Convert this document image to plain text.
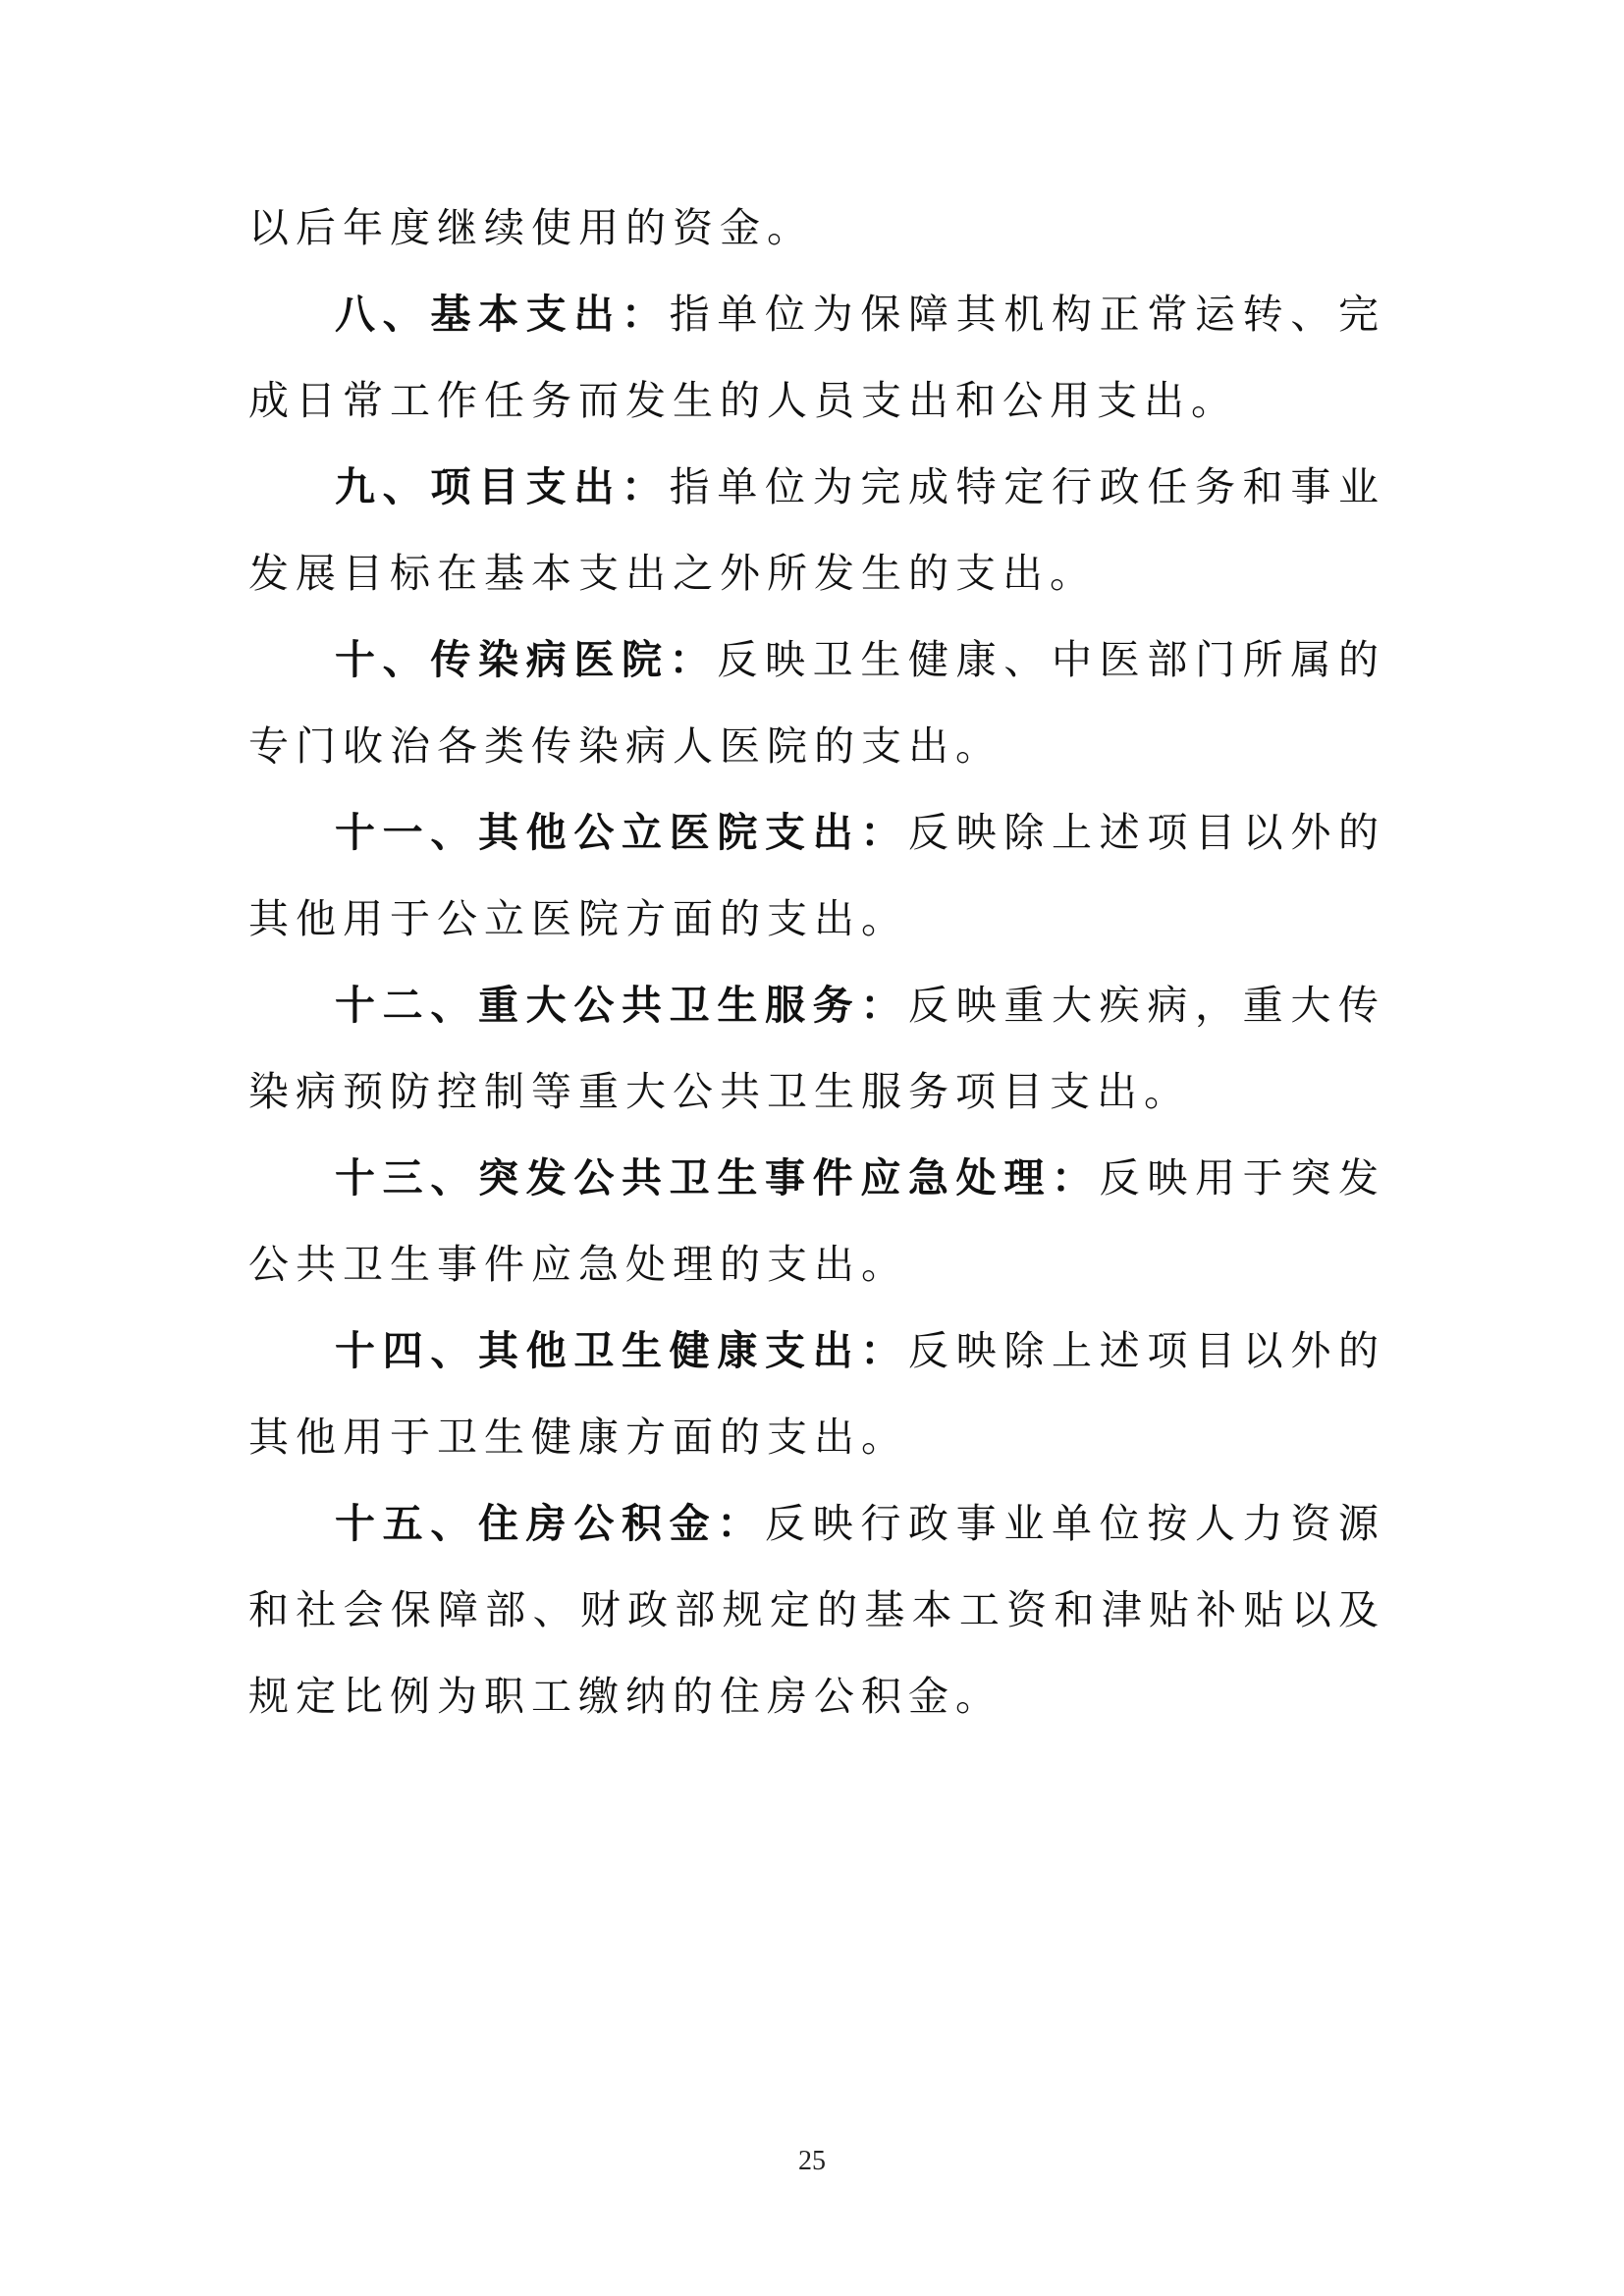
以后年度继续使用的资金。

八、基本支出：指单位为保障其机构正常运转、完成日常工作任务而发生的人员支出和公用支出。

九、项目支出：指单位为完成特定行政任务和事业发展目标在基本支出之外所发生的支出。

十、传染病医院：反映卫生健康、中医部门所属的专门收治各类传染病人医院的支出。

十一、其他公立医院支出：反映除上述项目以外的其他用于公立医院方面的支出。

十二、重大公共卫生服务：反映重大疾病，重大传染病预防控制等重大公共卫生服务项目支出。

十三、突发公共卫生事件应急处理：反映用于突发公共卫生事件应急处理的支出。

十四、其他卫生健康支出：反映除上述项目以外的其他用于卫生健康方面的支出。

十五、住房公积金：反映行政事业单位按人力资源和社会保障部、财政部规定的基本工资和津贴补贴以及规定比例为职工缴纳的住房公积金。

25
